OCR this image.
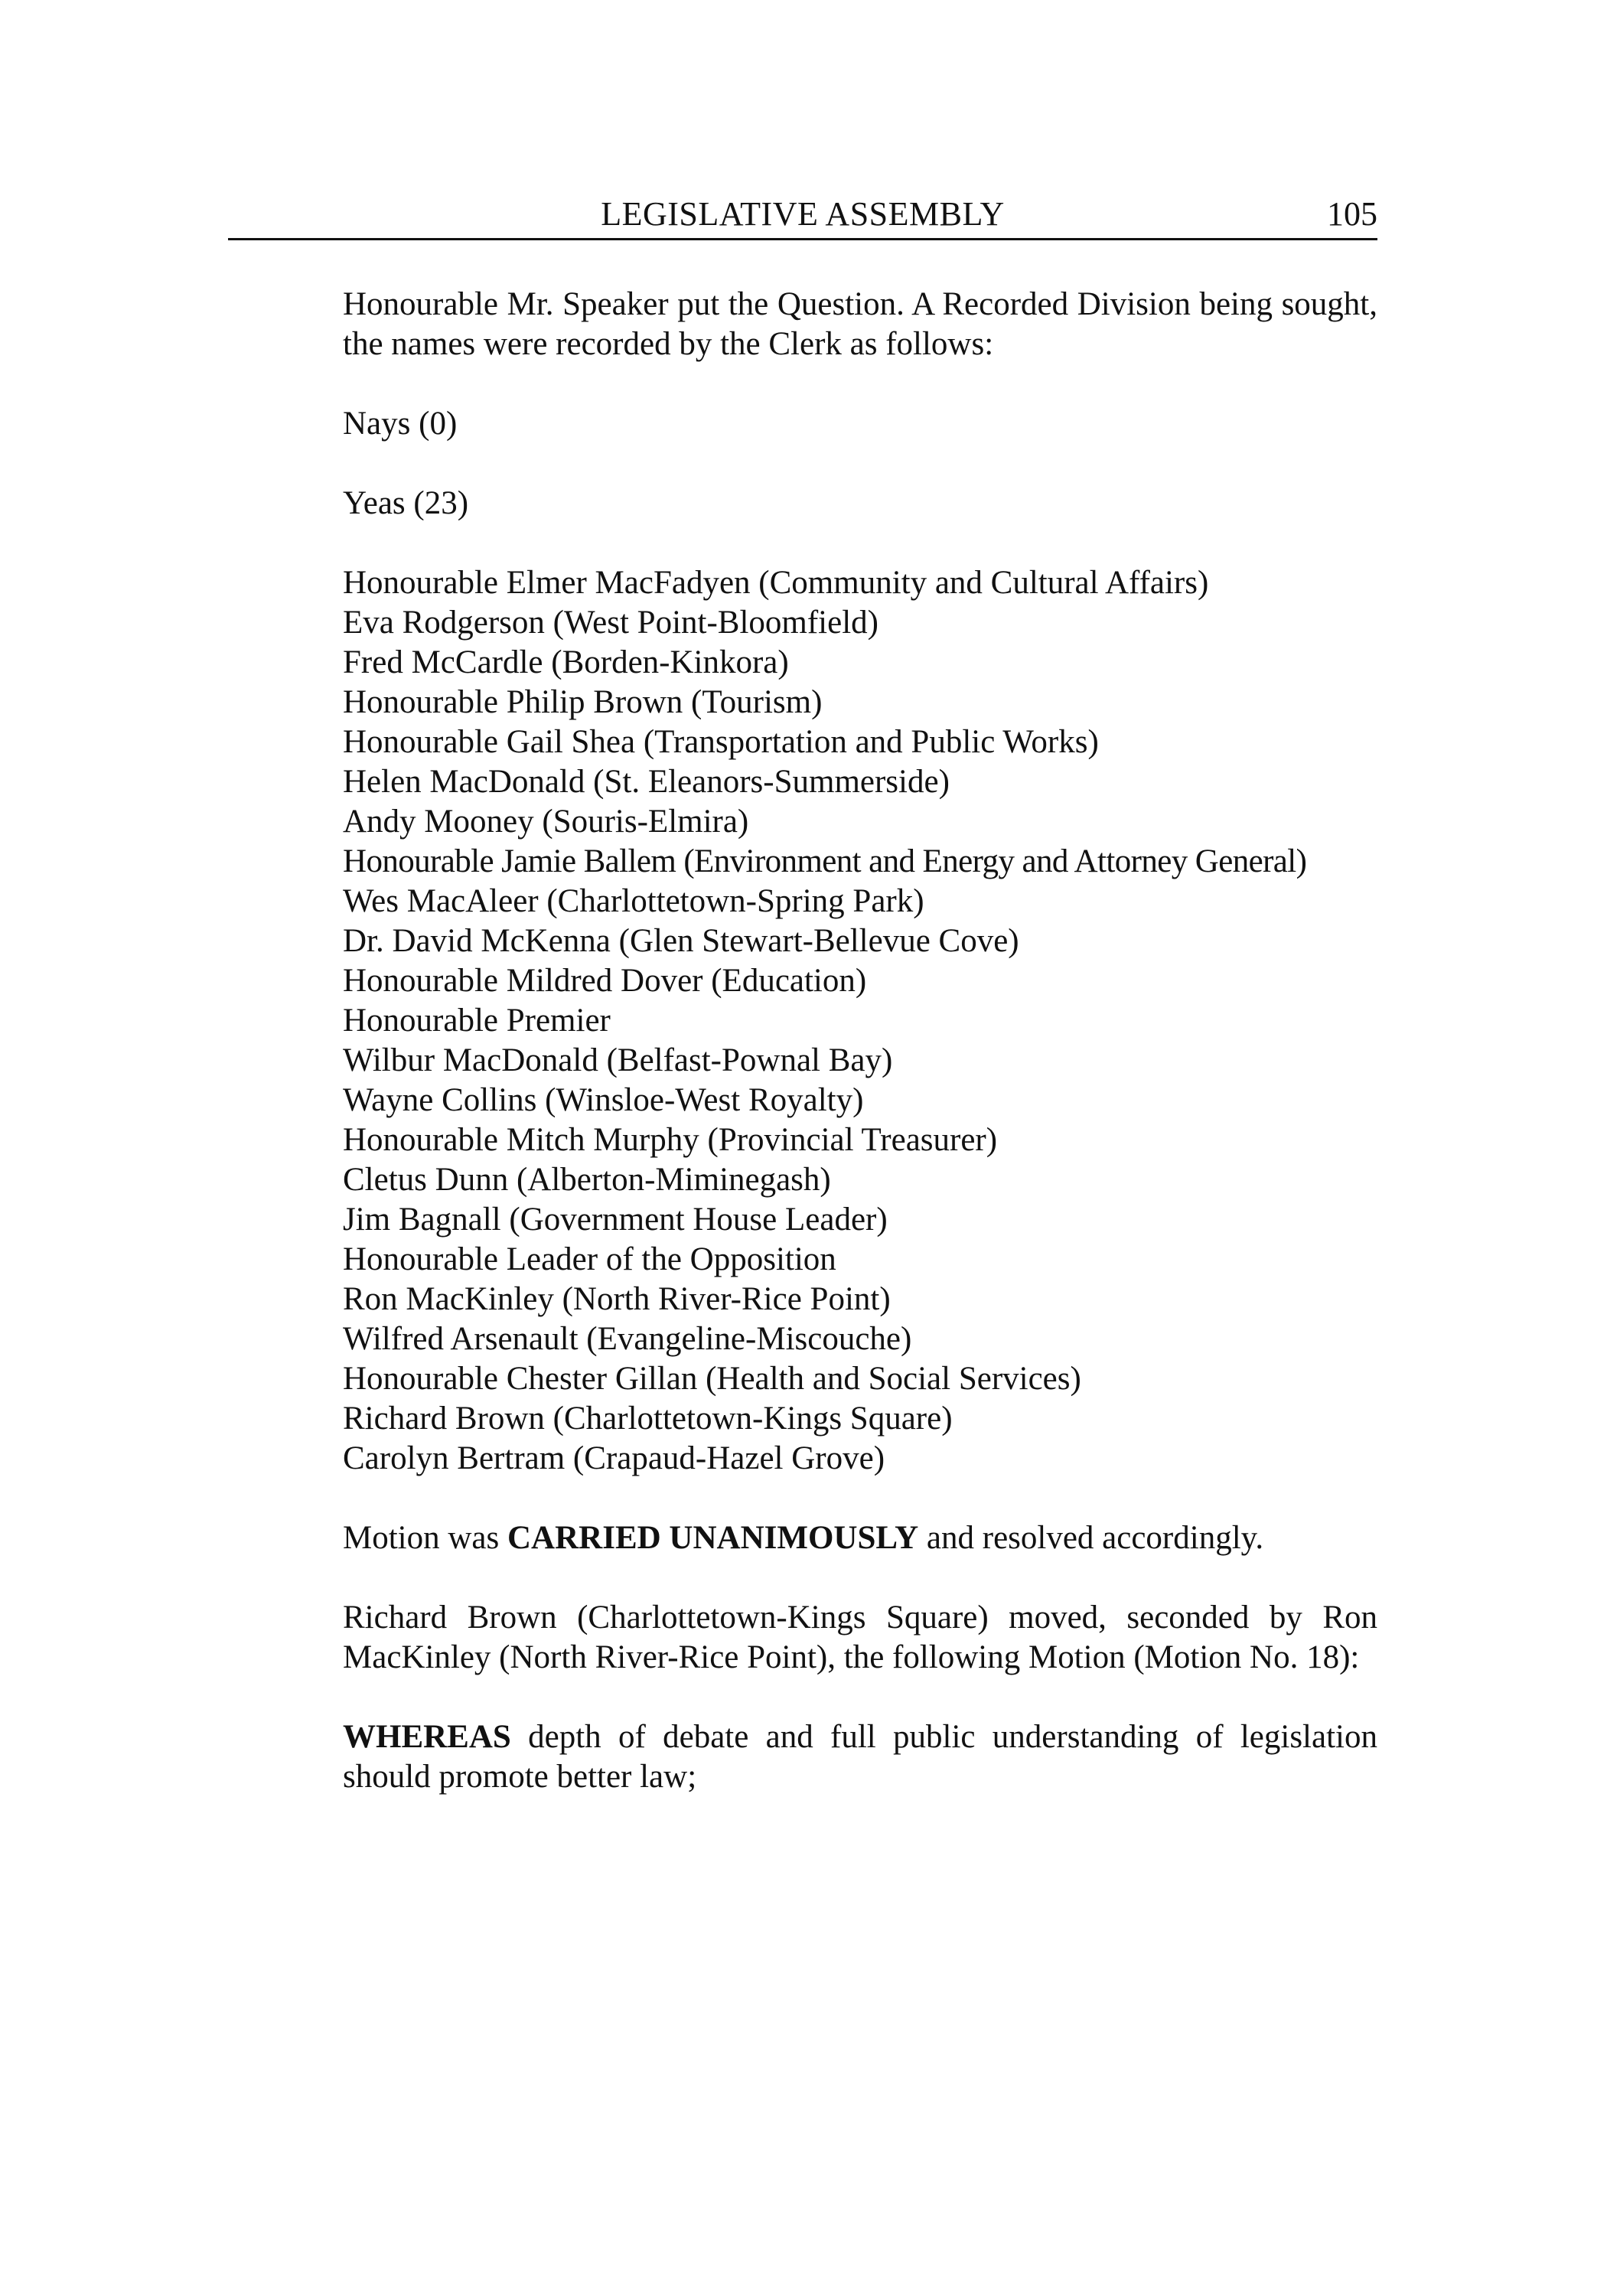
LEGISLATIVE ASSEMBLY	105

Honourable Mr. Speaker put the Question. A Recorded Division being sought, the names were recorded by the Clerk as follows:

Nays (0)

Yeas (23)

Honourable Elmer MacFadyen (Community and Cultural Affairs)
Eva Rodgerson (West Point-Bloomfield)
Fred McCardle (Borden-Kinkora)
Honourable Philip Brown (Tourism)
Honourable Gail Shea (Transportation and Public Works)
Helen MacDonald (St. Eleanors-Summerside)
Andy Mooney (Souris-Elmira)
Honourable Jamie Ballem (Environment and Energy and Attorney General)
Wes MacAleer (Charlottetown-Spring Park)
Dr. David McKenna (Glen Stewart-Bellevue Cove)
Honourable Mildred Dover (Education)
Honourable Premier
Wilbur MacDonald (Belfast-Pownal Bay)
Wayne Collins (Winsloe-West Royalty)
Honourable Mitch Murphy (Provincial Treasurer)
Cletus Dunn (Alberton-Miminegash)
Jim Bagnall (Government House Leader)
Honourable Leader of the Opposition
Ron MacKinley (North River-Rice Point)
Wilfred Arsenault (Evangeline-Miscouche)
Honourable Chester Gillan (Health and Social Services)
Richard Brown (Charlottetown-Kings Square)
Carolyn Bertram (Crapaud-Hazel Grove)

Motion was CARRIED UNANIMOUSLY and resolved accordingly.

Richard Brown (Charlottetown-Kings Square) moved, seconded by Ron MacKinley (North River-Rice Point), the following Motion (Motion No. 18):

WHEREAS depth of debate and full public understanding of legislation should promote better law;
